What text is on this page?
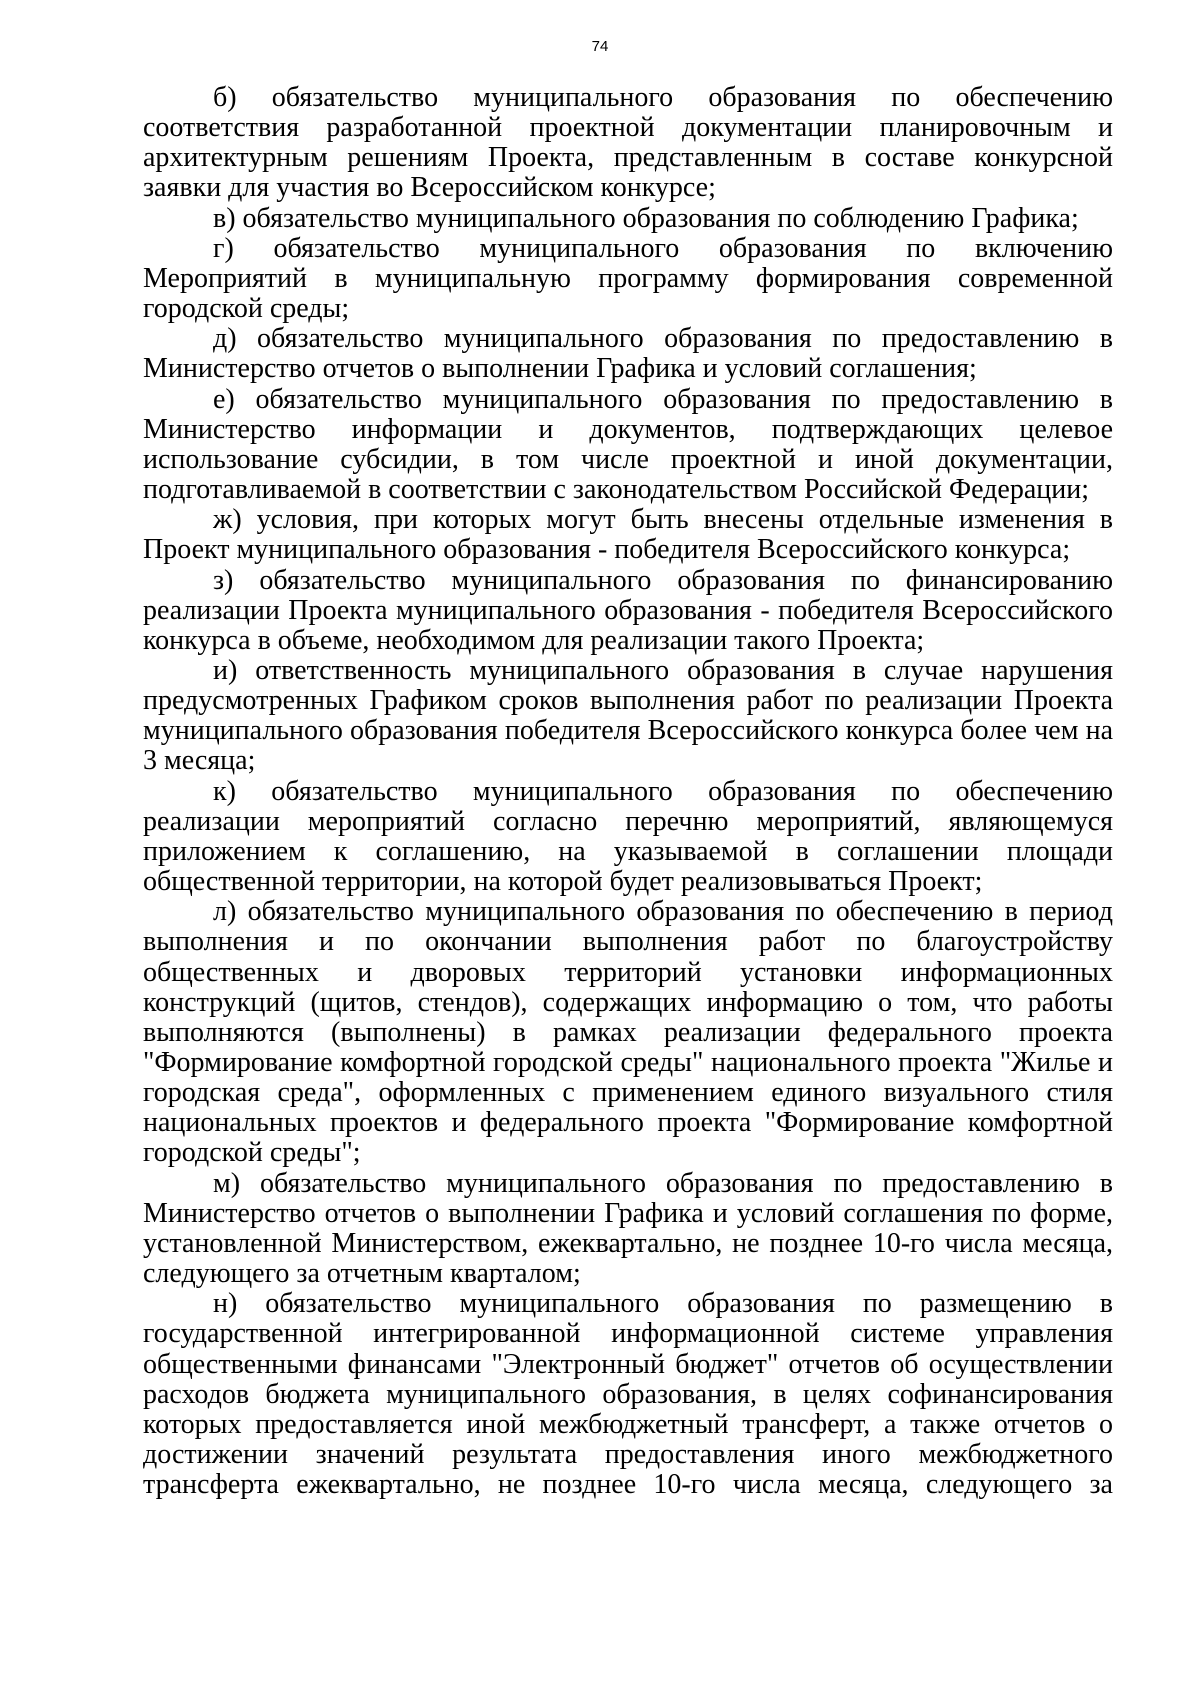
74

б) обязательство муниципального образования по обеспечению соответствия разработанной проектной документации планировочным и архитектурным решениям Проекта, представленным в составе конкурсной заявки для участия во Всероссийском конкурсе;

в) обязательство муниципального образования по соблюдению Графика;

г) обязательство муниципального образования по включению Мероприятий в муниципальную программу формирования современной городской среды;

д) обязательство муниципального образования по предоставлению в Министерство отчетов о выполнении Графика и условий соглашения;

е) обязательство муниципального образования по предоставлению в Министерство информации и документов, подтверждающих целевое использование субсидии, в том числе проектной и иной документации, подготавливаемой в соответствии с законодательством Российской Федерации;

ж) условия, при которых могут быть внесены отдельные изменения в Проект муниципального образования - победителя Всероссийского конкурса;

з) обязательство муниципального образования по финансированию реализации Проекта муниципального образования - победителя Всероссийского конкурса в объеме, необходимом для реализации такого Проекта;

и) ответственность муниципального образования в случае нарушения предусмотренных Графиком сроков выполнения работ по реализации Проекта муниципального образования победителя Всероссийского конкурса более чем на 3 месяца;

к) обязательство муниципального образования по обеспечению реализации мероприятий согласно перечню мероприятий, являющемуся приложением к соглашению, на указываемой в соглашении площади общественной территории, на которой будет реализовываться Проект;

л) обязательство муниципального образования по обеспечению в период выполнения и по окончании выполнения работ по благоустройству общественных и дворовых территорий установки информационных конструкций (щитов, стендов), содержащих информацию о том, что работы выполняются (выполнены) в рамках реализации федерального проекта "Формирование комфортной городской среды" национального проекта "Жилье и городская среда", оформленных с применением единого визуального стиля национальных проектов и федерального проекта "Формирование комфортной городской среды";

м) обязательство муниципального образования по предоставлению в Министерство отчетов о выполнении Графика и условий соглашения по форме, установленной Министерством, ежеквартально, не позднее 10-го числа месяца, следующего за отчетным кварталом;

н) обязательство муниципального образования по размещению в государственной интегрированной информационной системе управления общественными финансами "Электронный бюджет" отчетов об осуществлении расходов бюджета муниципального образования, в целях софинансирования которых предоставляется иной межбюджетный трансферт, а также отчетов о достижении значений результата предоставления иного межбюджетного трансферта ежеквартально, не позднее 10-го числа месяца, следующего за
